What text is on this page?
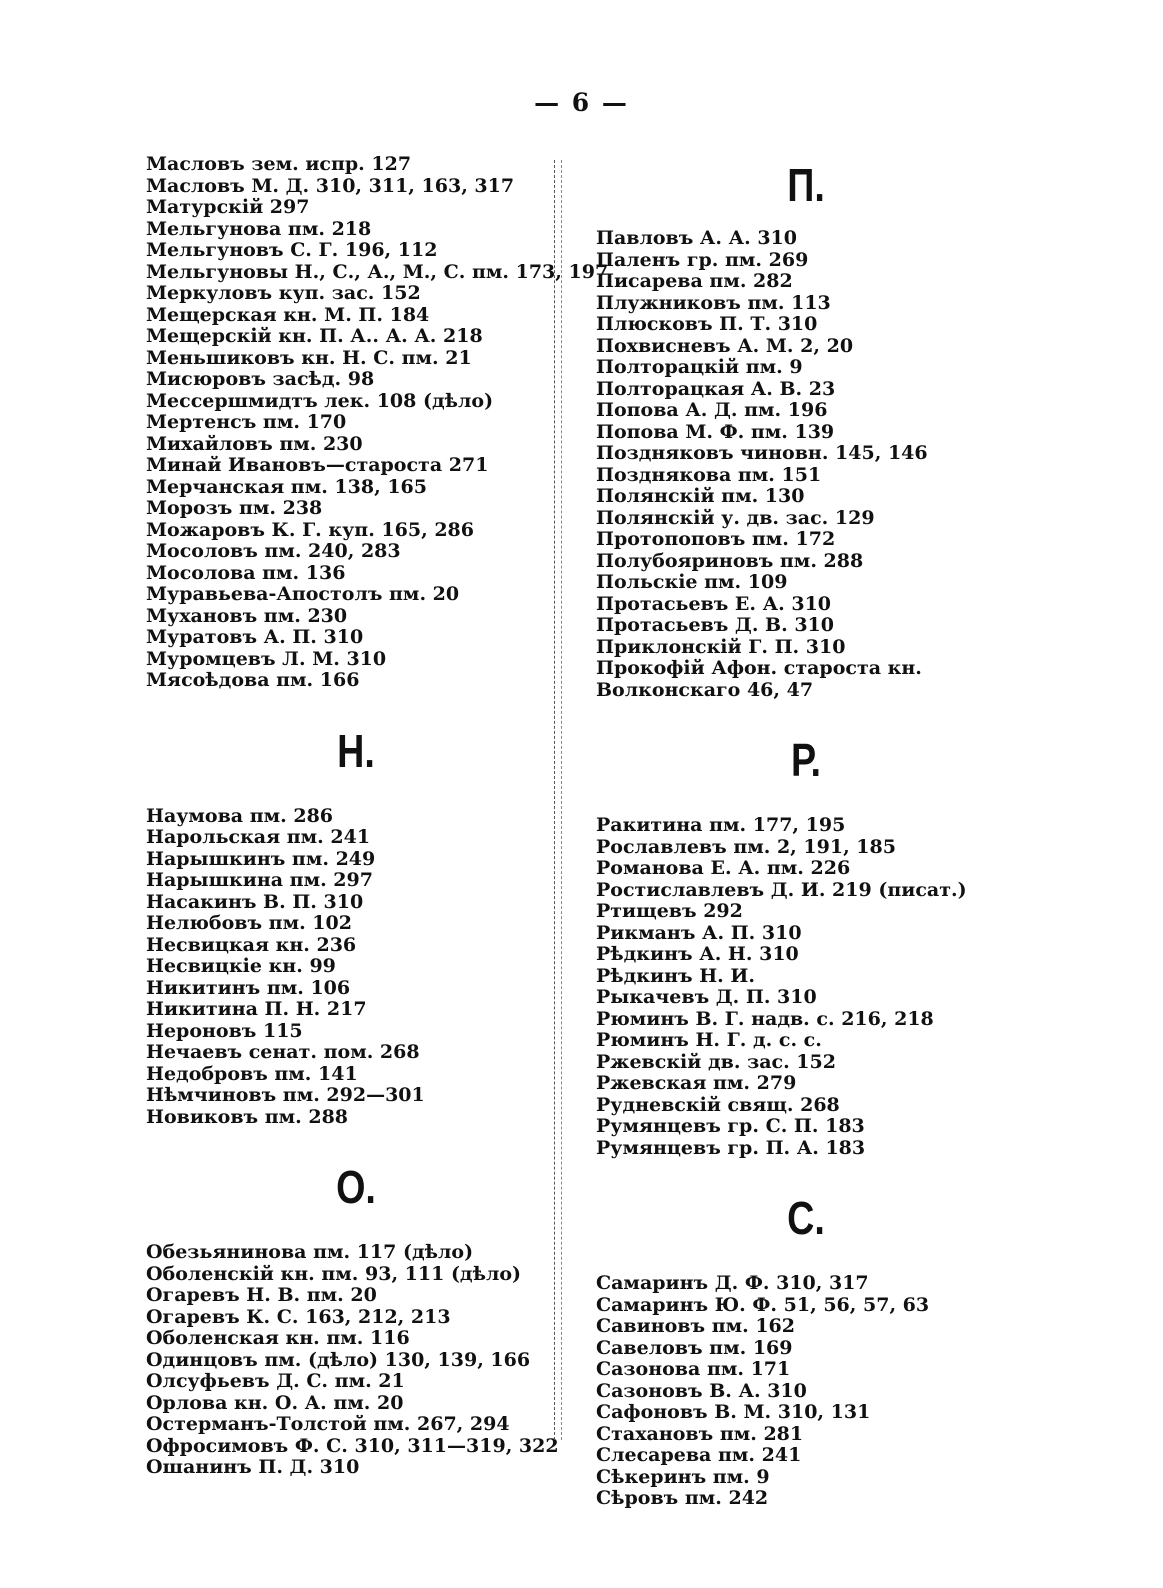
— 6 —
Масловъ зем. испр. 127
Масловъ М. Д. 310, 311, 163, 317
Матурскій 297
Мельгунова пм. 218
Мельгуновъ С. Г. 196, 112
Мельгуновы Н., С., А., М., С. пм. 173, 197
Меркуловъ куп. зас. 152
Мещерская кн. М. П. 184
Мещерскій кн. П. А.. А. А. 218
Меньшиковъ кн. Н. С. пм. 21
Мисюровъ засѣд. 98
Мессершмидтъ лек. 108 (дѣло)
Мертенсъ пм. 170
Михайловъ пм. 230
Минай Ивановъ—староста 271
Мерчанская пм. 138, 165
Морозъ пм. 238
Можаровъ К. Г. куп. 165, 286
Мосоловъ пм. 240, 283
Мосолова пм. 136
Муравьева-Апостолъ пм. 20
Мухановъ пм. 230
Муратовъ А. П. 310
Муромцевъ Л. М. 310
Мясоѣдова пм. 166
Н.
Наумова пм. 286
Нарольская пм. 241
Нарышкинъ пм. 249
Нарышкина пм. 297
Насакинъ В. П. 310
Нелюбовъ пм. 102
Несвицкая кн. 236
Несвицкіе кн. 99
Никитинъ пм. 106
Никитина П. Н. 217
Нероновъ 115
Нечаевъ сенат. пом. 268
Недобровъ пм. 141
Нѣмчиновъ пм. 292—301
Новиковъ пм. 288
О.
Обезьянинова пм. 117 (дѣло)
Оболенскій кн. пм. 93, 111 (дѣло)
Огаревъ Н. В. пм. 20
Огаревъ К. С. 163, 212, 213
Оболенская кн. пм. 116
Одинцовъ пм. (дѣло) 130, 139, 166
Олсуфьевъ Д. С. пм. 21
Орлова кн. О. А. пм. 20
Остерманъ-Толстой пм. 267, 294
Офросимовъ Ф. С. 310, 311—319, 322
Ошанинъ П. Д. 310
П.
Павловъ А. А. 310
Паленъ гр. пм. 269
Писарева пм. 282
Плужниковъ пм. 113
Плюсковъ П. Т. 310
Похвисневъ А. М. 2, 20
Полторацкій пм. 9
Полторацкая А. В. 23
Попова А. Д. пм. 196
Попова М. Ф. пм. 139
Поздняковъ чиновн. 145, 146
Позднякова пм. 151
Полянскій пм. 130
Полянскій у. дв. зас. 129
Протопоповъ пм. 172
Полубояриновъ пм. 288
Польскіе пм. 109
Протасьевъ Е. А. 310
Протасьевъ Д. В. 310
Приклонскій Г. П. 310
Прокофій Афон. староста кн. Волконскаго 46, 47
Р.
Ракитина пм. 177, 195
Рославлевъ пм. 2, 191, 185
Романова Е. А. пм. 226
Ростиславлевъ Д. И. 219 (писат.)
Ртищевъ 292
Рикманъ А. П. 310
Рѣдкинъ А. Н. 310
Рѣдкинъ Н. И.
Рыкачевъ Д. П. 310
Рюминъ В. Г. надв. с. 216, 218
Рюминъ Н. Г. д. с. с.
Ржевскій дв. зас. 152
Ржевская пм. 279
Рудневскій свящ. 268
Румянцевъ гр. С. П. 183
Румянцевъ гр. П. А. 183
С.
Самаринъ Д. Ф. 310, 317
Самаринъ Ю. Ф. 51, 56, 57, 63
Савиновъ пм. 162
Савеловъ пм. 169
Сазонова пм. 171
Сазоновъ В. А. 310
Сафоновъ В. М. 310, 131
Стахановъ пм. 281
Слесарева пм. 241
Сѣкеринъ пм. 9
Сѣровъ пм. 242
